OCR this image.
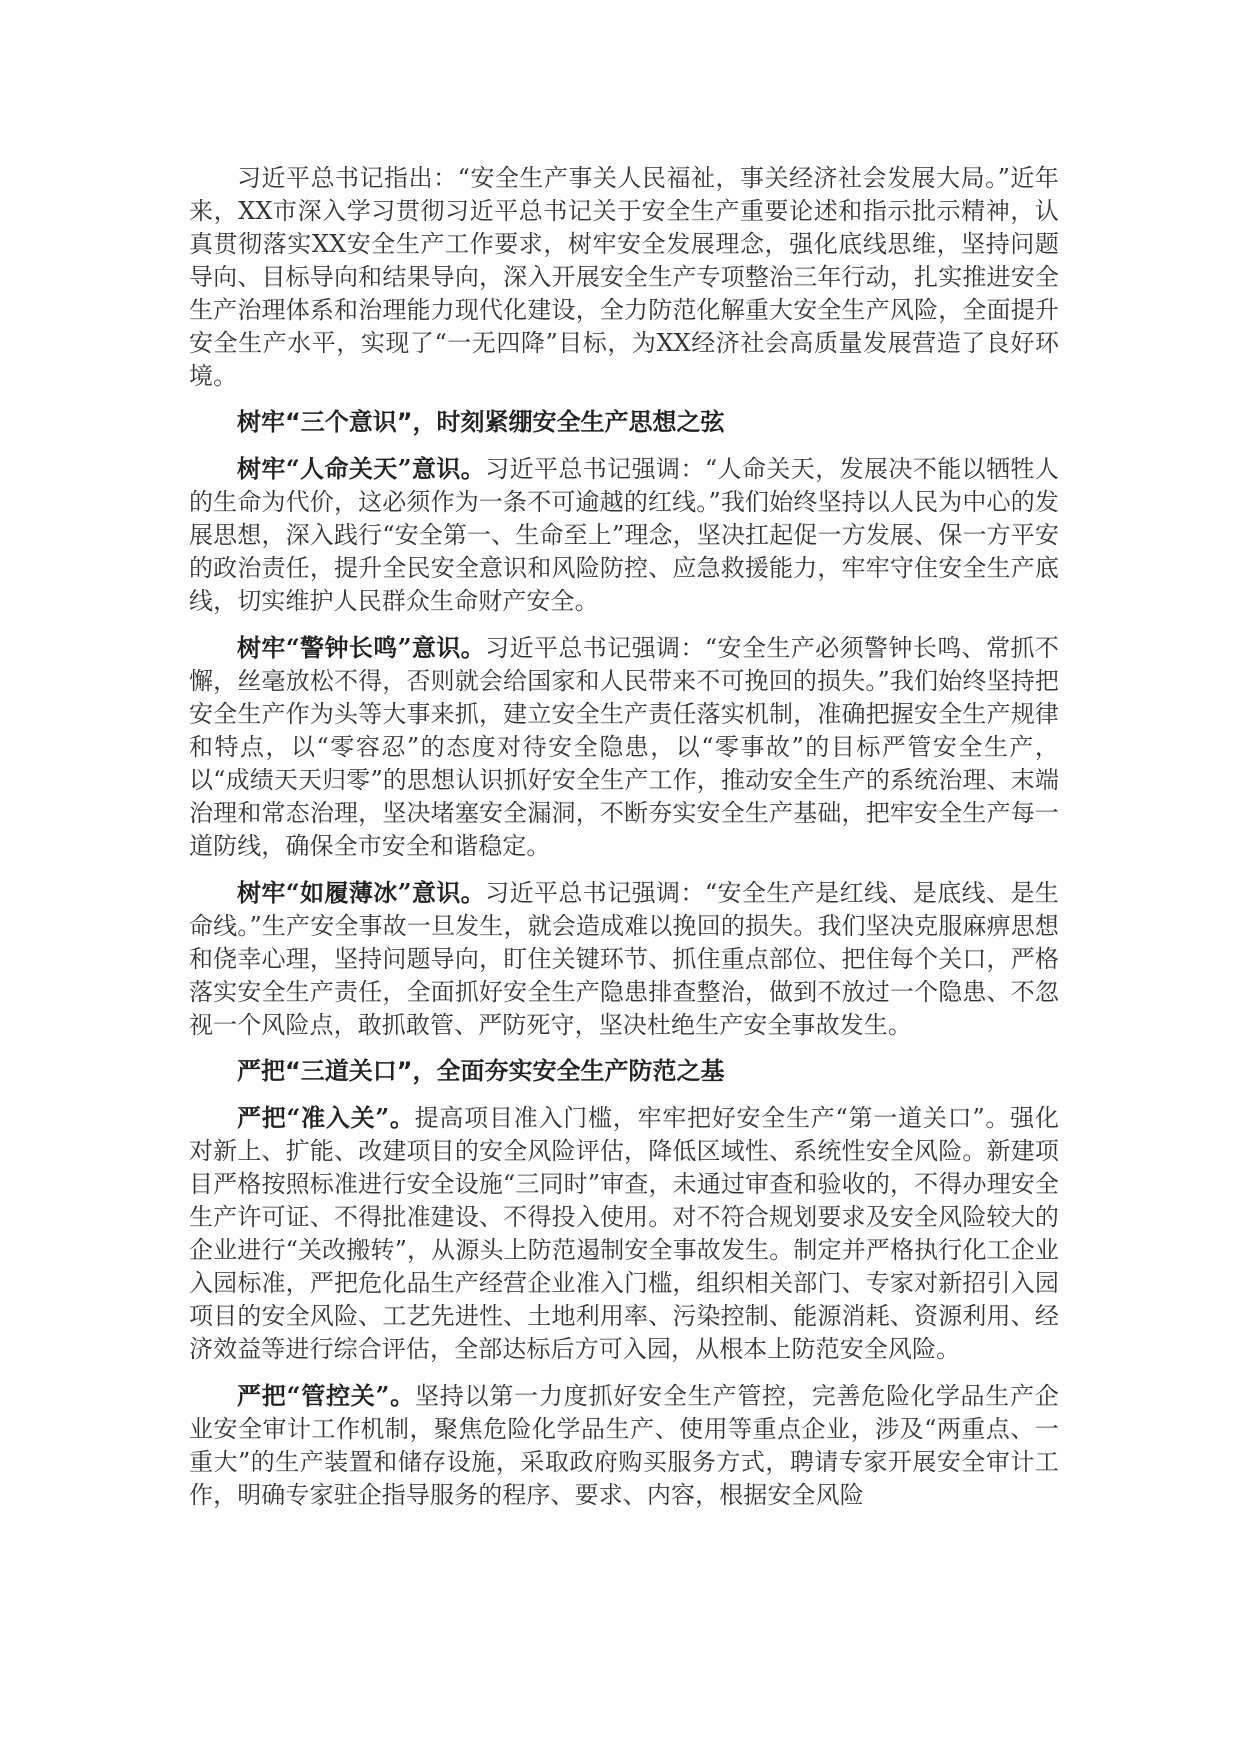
习近平总书记指出：“安全生产事关人民福祉，事关经济社会发展大局。”近年来，XX市深入学习贯彻习近平总书记关于安全生产重要论述和指示批示精神，认真贯彻落实XX安全生产工作要求，树牢安全发展理念，强化底线思维，坚持问题导向、目标导向和结果导向，深入开展安全生产专项整治三年行动，扎实推进安全生产治理体系和治理能力现代化建设，全力防范化解重大安全生产风险，全面提升安全生产水平，实现了“一无四降”目标，为XX经济社会高质量发展营造了良好环境。

树牢“三个意识”，时刻紧绷安全生产思想之弦

树牢“人命关天”意识。习近平总书记强调：“人命关天，发展决不能以牺牲人的生命为代价，这必须作为一条不可逾越的红线。”我们始终坚持以人民为中心的发展思想，深入践行“安全第一、生命至上”理念，坚决扛起促一方发展、保一方平安的政治责任，提升全民安全意识和风险防控、应急救援能力，牢牢守住安全生产底线，切实维护人民群众生命财产安全。

树牢“警钟长鸣”意识。习近平总书记强调：“安全生产必须警钟长鸣、常抓不懈，丝毫放松不得，否则就会给国家和人民带来不可挽回的损失。”我们始终坚持把安全生产作为头等大事来抓，建立安全生产责任落实机制，准确把握安全生产规律和特点，以“零容忍”的态度对待安全隐患，以“零事故”的目标严管安全生产，以“成绩天天归零”的思想认识抓好安全生产工作，推动安全生产的系统治理、末端治理和常态治理，坚决堵塞安全漏洞，不断夯实安全生产基础，把牢安全生产每一道防线，确保全市安全和谐稳定。

树牢“如履薄冰”意识。习近平总书记强调：“安全生产是红线、是底线、是生命线。”生产安全事故一旦发生，就会造成难以挽回的损失。我们坚决克服麻痹思想和侥幸心理，坚持问题导向，盯住关键环节、抓住重点部位、把住每个关口，严格落实安全生产责任，全面抓好安全生产隐患排查整治，做到不放过一个隐患、不忽视一个风险点，敢抓敢管、严防死守，坚决杜绝生产安全事故发生。

严把“三道关口”，全面夯实安全生产防范之基

严把“准入关”。提高项目准入门槛，牢牢把好安全生产“第一道关口”。强化对新上、扩能、改建项目的安全风险评估，降低区域性、系统性安全风险。新建项目严格按照标准进行安全设施“三同时”审查，未通过审查和验收的，不得办理安全生产许可证、不得批准建设、不得投入使用。对不符合规划要求及安全风险较大的企业进行“关改搬转”，从源头上防范遏制安全事故发生。制定并严格执行化工企业入园标准，严把危化品生产经营企业准入门槛，组织相关部门、专家对新招引入园项目的安全风险、工艺先进性、土地利用率、污染控制、能源消耗、资源利用、经济效益等进行综合评估，全部达标后方可入园，从根本上防范安全风险。

严把“管控关”。坚持以第一力度抓好安全生产管控，完善危险化学品生产企业安全审计工作机制，聚焦危险化学品生产、使用等重点企业，涉及“两重点、一重大”的生产装置和储存设施，采取政府购买服务方式，聘请专家开展安全审计工作，明确专家驻企指导服务的程序、要求、内容，根据安全风险
